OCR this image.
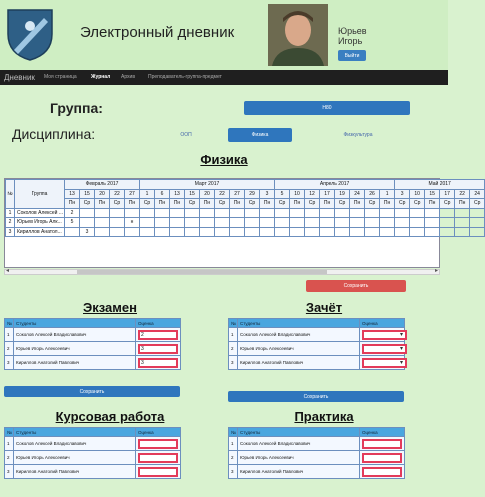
Электронный дневник	Юрьев
Игорь
Выйти
Дневник Моя страница	Журнал Архив	Преподаватель-группа-предмет
Группа:	Н80
Дисциплина:	ООП	Физика	Физкультура
Физика
№	Группа	Февраль 2017					Март 2017									Апрель 2017								Май 2017					
		13	15	20	22	27	1	6	13	15	20	22	27	29	3	5	10	12	17	19	24	26	1	3	10	15	17	22	24
		Пн	Ср	Пн	Ср	Пн	Ср	Пн	Пн	Ср	Пн	Ср	Пн	Ср	Пн	Ср	Пн	Ср	Пн	Ср	Пн	Ср	Пн	Ср	Ср	Пн	Ср	Пн	Ср
1	Соколов Алексей ...	2																											
2	Юрьев Игорь Алк...	5				н																							
3	Кириллов Анатол...		3																										
◂	▸
Сохранить
Экзамен	Зачёт
№	Студенты	Оценка
1	Соколов Алексей Владиславович	2

2	Юрьев Игорь Алексеевич	3

3	Кириллов Анатолий Павлович	3
№	Студенты	Оценка
1	Соколов Алексей Владиславович	
▾

2	Юрьев Игорь Алексеевич	
▾

3	Кириллов Анатолий Павлович	
▾
Сохранить
Сохранить
Курсовая работа	Практика
№	Студенты	Оценка
1	Соколов Алексей Владиславович	

2	Юрьев Игорь Алексеевич	

3	Кириллов Анатолий Павлович	
№	Студенты	Оценка
1	Соколов Алексей Владиславович	

2	Юрьев Игорь Алексеевич	

3	Кириллов Анатолий Павлович	
